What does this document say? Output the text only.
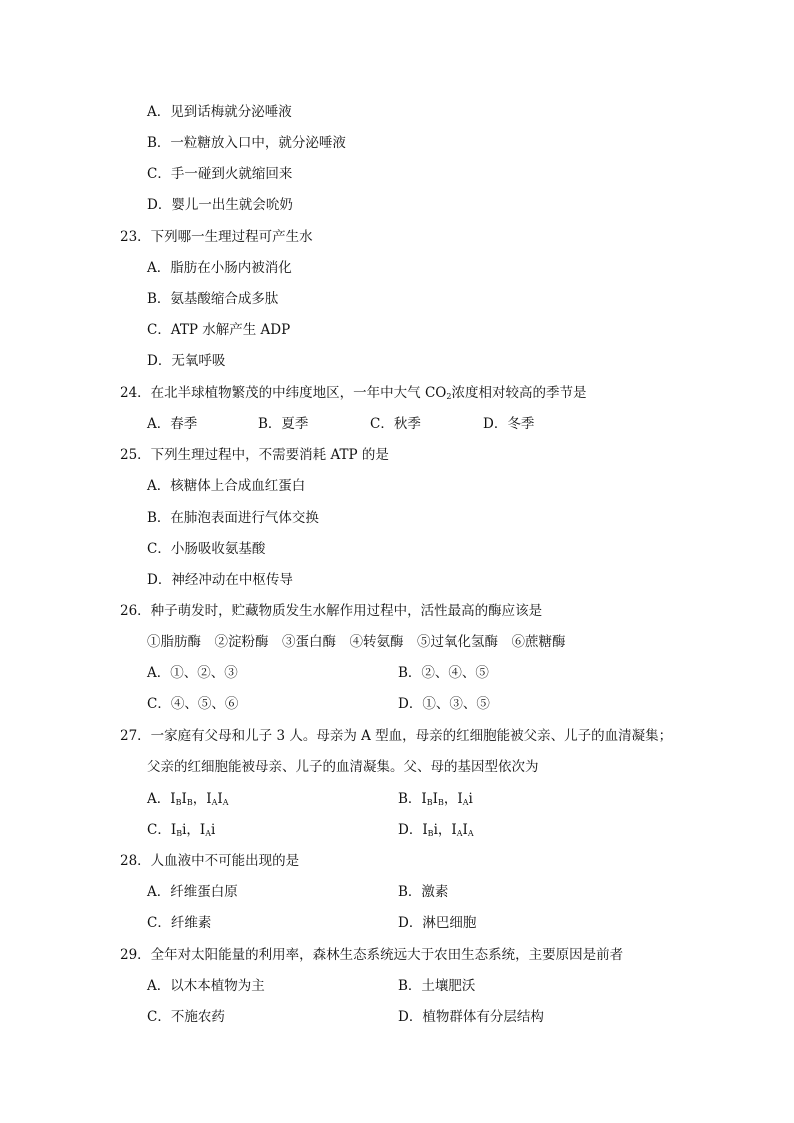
A．见到话梅就分泌唾液
B．一粒糖放入口中，就分泌唾液
C．手一碰到火就缩回来
D．婴儿一出生就会吮奶
23．下列哪一生理过程可产生水
A．脂肪在小肠内被消化
B．氨基酸缩合成多肽
C．ATP 水解产生 ADP
D．无氧呼吸
24．在北半球植物繁茂的中纬度地区，一年中大气 $CO_2$浓度相对较高的季节是
A．春季	B．夏季	C．秋季	D．冬季
25．下列生理过程中，不需要消耗 ATP 的是
A．核糖体上合成血红蛋白
B．在肺泡表面进行气体交换
C．小肠吸收氨基酸
D．神经冲动在中枢传导
26．种子萌发时，贮藏物质发生水解作用过程中，活性最高的酶应该是
①脂肪酶　②淀粉酶　③蛋白酶　④转氨酶　⑤过氧化氢酶　⑥蔗糖酶
A．①、②、③	B．②、④、⑤
C．④、⑤、⑥	D．①、③、⑤
27．一家庭有父母和儿子 3 人。母亲为 A 型血，母亲的红细胞能被父亲、儿子的血清凝集；
父亲的红细胞能被母亲、儿子的血清凝集。父、母的基因型依次为
A．$I_BI_B$，$I_AI_A$	B．$I_BI_B$，$I_Ai$
C．$I_Bi$，$I_Ai$	D．$I_Bi$，$I_AI_A$
28．人血液中不可能出现的是
A．纤维蛋白原	B．激素
C．纤维素	D．淋巴细胞
29．全年对太阳能量的利用率，森林生态系统远大于农田生态系统，主要原因是前者
A．以木本植物为主	B．土壤肥沃
C．不施农药	D．植物群体有分层结构
